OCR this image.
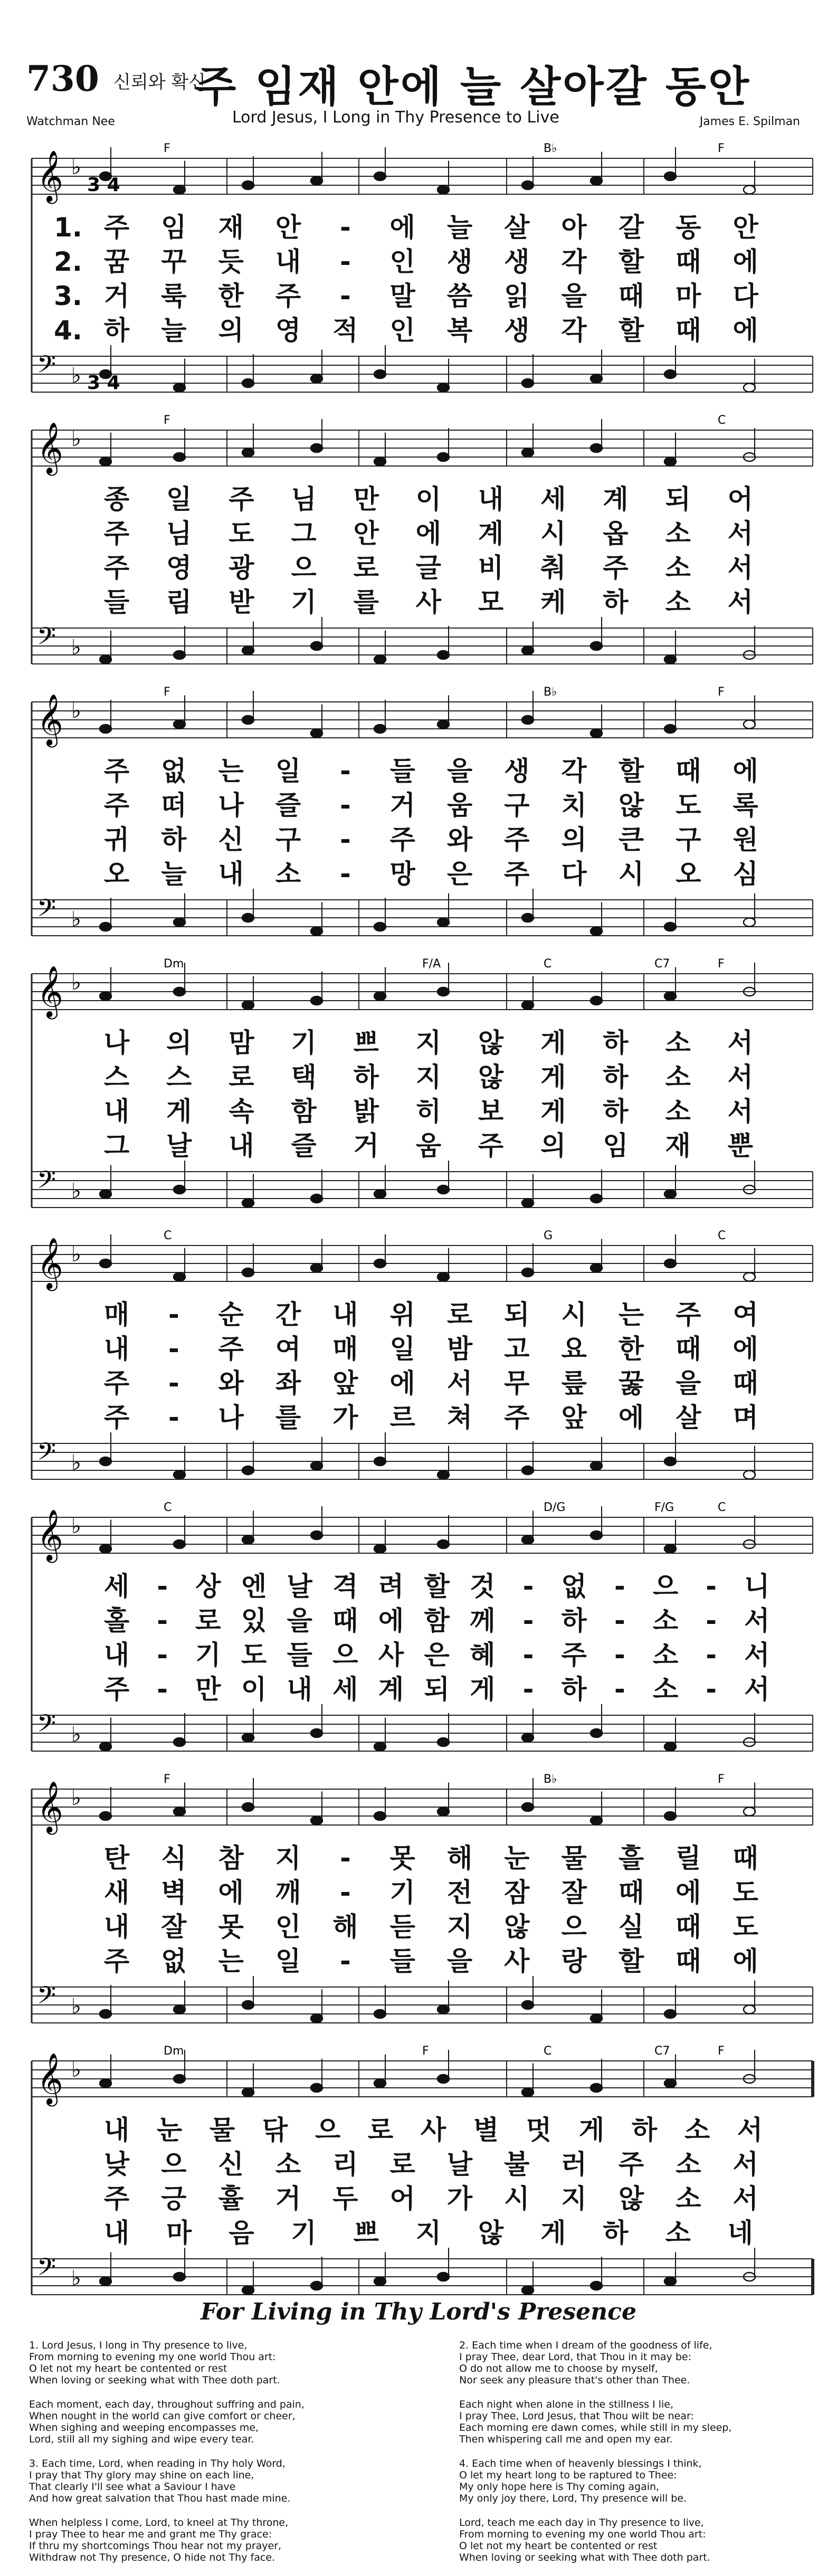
730 신뢰와 확신
주 임재 안에 늘 살아갈 동안
Lord Jesus, I Long in Thy Presence to Live
Watchman Nee	James E. Spilman
𝄞 ♭
3 4
𝄢 ♭ 3 4
F	B♭	F
1. 주 임 재 안	-	에 늘 살 아 갈 동 안
2. 꿈 꾸 듯 내	-	인 생 생 각 할 때 에
3. 거 룩 한 주	-	말 씀 읽 을 때 마 다
4. 하 늘 의 영 적 인 복 생 각 할 때 에
𝄞 ♭
𝄢 ♭
F	C
종 일 주 님 만 이 내 세 계 되 어
주 님 도 그 안 에 계 시 옵 소 서
주 영 광 으 로 글 비 춰 주 소 서
들 림 받 기 를 사 모 케 하 소 서
𝄞 ♭
𝄢 ♭
F	B♭	F
주 없 는 일	-	들 을 생 각 할 때 에
주 떠 나 즐	-	거 움 구 치 않 도 록
귀 하 신 구	-	주 와 주 의 큰 구 원
오 늘 내 소	-	망 은 주 다 시 오 심
𝄞 ♭
𝄢 ♭
Dm	F/A	C	C7	F
나 의 맘 기 쁘 지 않 게 하 소 서
스 스 로 택 하 지 않 게 하 소 서
내 게 속 함 밝 히 보 게 하 소 서
그 날 내 즐 거 움 주 의 임 재 뿐
𝄞 ♭
𝄢 ♭
C	G	C
매	-	순 간 내 위 로 되 시 는 주 여
내	-	주 여 매 일 밤 고 요 한 때 에
주	-	와 좌 앞 에 서 무 릎 꿇 을 때
주	-	나 를 가 르 쳐 주 앞 에 살 며
𝄞 ♭
𝄢 ♭
C	D/G	F/G	C
세	-	상 엔 날 격 려 할 것	-	없	-	으	-	니
홀	-	로 있 을 때 에 함 께	-	하	-	소	-	서
내	-	기 도 들 으 사 은 혜	-	주	-	소	-	서
주	-	만 이 내 세 계 되 게	-	하	-	소	-	서
𝄞 ♭
𝄢 ♭
F	B♭	F
탄 식 참 지	-	못 해 눈 물 흘 릴 때
새 벽 에 깨	-	기 전 잠 잘 때 에 도
내 잘 못 인 해 듣 지 않 으 실 때 도
주 없 는 일	-	들 을 사 랑 할 때 에
𝄞 ♭
𝄢 ♭
Dm	F	C	C7	F
내 눈 물 닦 으 로 사 별 멋 게 하 소 서
낮 으 신 소 리 로 날 불 러 주 소 서
주 긍 휼 거 두 어 가 시 지 않 소 서
내 마 음 기 쁘 지 않 게 하 소 네
For Living in Thy Lord's Presence

1. Lord Jesus, I long in Thy presence to live,
From morning to evening my one world Thou art:
O let not my heart be contented or rest
When loving or seeking what with Thee doth part.

Each moment, each day, throughout suffring and pain,
When nought in the world can give comfort or cheer,
When sighing and weeping encompasses me,
Lord, still all my sighing and wipe every tear.

3. Each time, Lord, when reading in Thy holy Word,
I pray that Thy glory may shine on each line,
That clearly I'll see what a Saviour I have
And how great salvation that Thou hast made mine.

When helpless I come, Lord, to kneel at Thy throne,
I pray Thee to hear me and grant me Thy grace:
If thru my shortcomings Thou hear not my prayer,
Withdraw not Thy presence, O hide not Thy face.

2. Each time when I dream of the goodness of life,
I pray Thee, dear Lord, that Thou in it may be:
O do not allow me to choose by myself,
Nor seek any pleasure that's other than Thee.

Each night when alone in the stillness I lie,
I pray Thee, Lord Jesus, that Thou wilt be near:
Each morning ere dawn comes, while still in my sleep,
Then whispering call me and open my ear.

4. Each time when of heavenly blessings I think,
O let my heart long to be raptured to Thee:
My only hope here is Thy coming again,
My only joy there, Lord, Thy presence will be.

Lord, teach me each day in Thy presence to live,
From morning to evening my one world Thou art:
O let not my heart be contented or rest
When loving or seeking what with Thee doth part.
